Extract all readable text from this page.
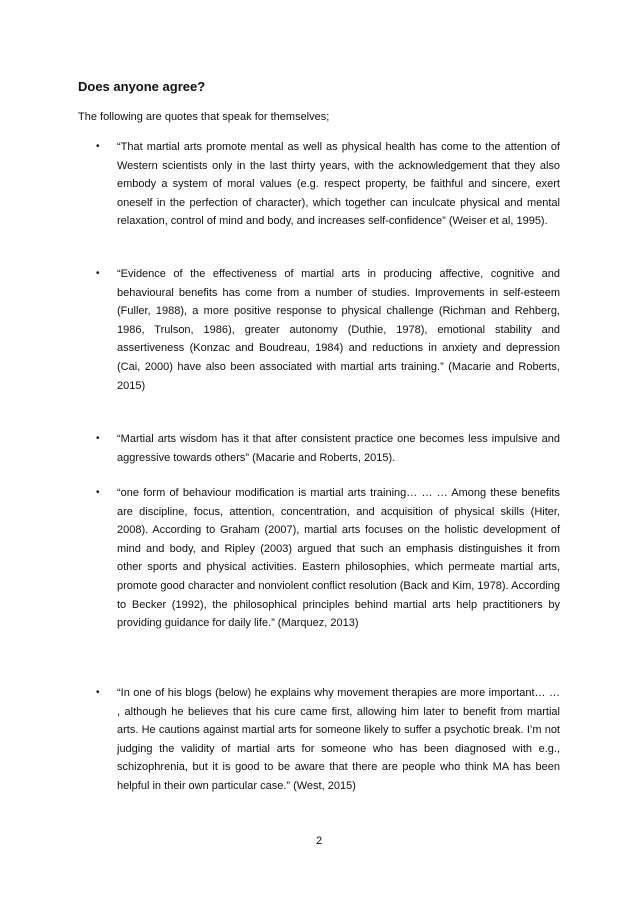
Does anyone agree?

The following are quotes that speak for themselves;

• “That martial arts promote mental as well as physical health has come to the attention of Western scientists only in the last thirty years, with the acknowledgement that they also embody a system of moral values (e.g. respect property, be faithful and sincere, exert oneself in the perfection of character), which together can inculcate physical and mental relaxation, control of mind and body, and increases self-confidence” (Weiser et al, 1995).
• “Evidence of the effectiveness of martial arts in producing affective, cognitive and behavioural benefits has come from a number of studies. Improvements in self-esteem (Fuller, 1988), a more positive response to physical challenge (Richman and Rehberg, 1986, Trulson, 1986), greater autonomy (Duthie, 1978), emotional stability and assertiveness (Konzac and Boudreau, 1984) and reductions in anxiety and depression (Cai, 2000) have also been associated with martial arts training.” (Macarie and Roberts, 2015)
• “Martial arts wisdom has it that after consistent practice one becomes less impulsive and aggressive towards others” (Macarie and Roberts, 2015).
• “one form of behaviour modification is martial arts training… … … Among these benefits are discipline, focus, attention, concentration, and acquisition of physical skills (Hiter, 2008). According to Graham (2007), martial arts focuses on the holistic development of mind and body, and Ripley (2003) argued that such an emphasis distinguishes it from other sports and physical activities. Eastern philosophies, which permeate martial arts, promote good character and nonviolent conflict resolution (Back and Kim, 1978). According to Becker (1992), the philosophical principles behind martial arts help practitioners by providing guidance for daily life.” (Marquez, 2013)
• “In one of his blogs (below) he explains why movement therapies are more important… … , although he believes that his cure came first, allowing him later to benefit from martial arts. He cautions against martial arts for someone likely to suffer a psychotic break. I’m not judging the validity of martial arts for someone who has been diagnosed with e.g., schizophrenia, but it is good to be aware that there are people who think MA has been helpful in their own particular case.” (West, 2015)
2
